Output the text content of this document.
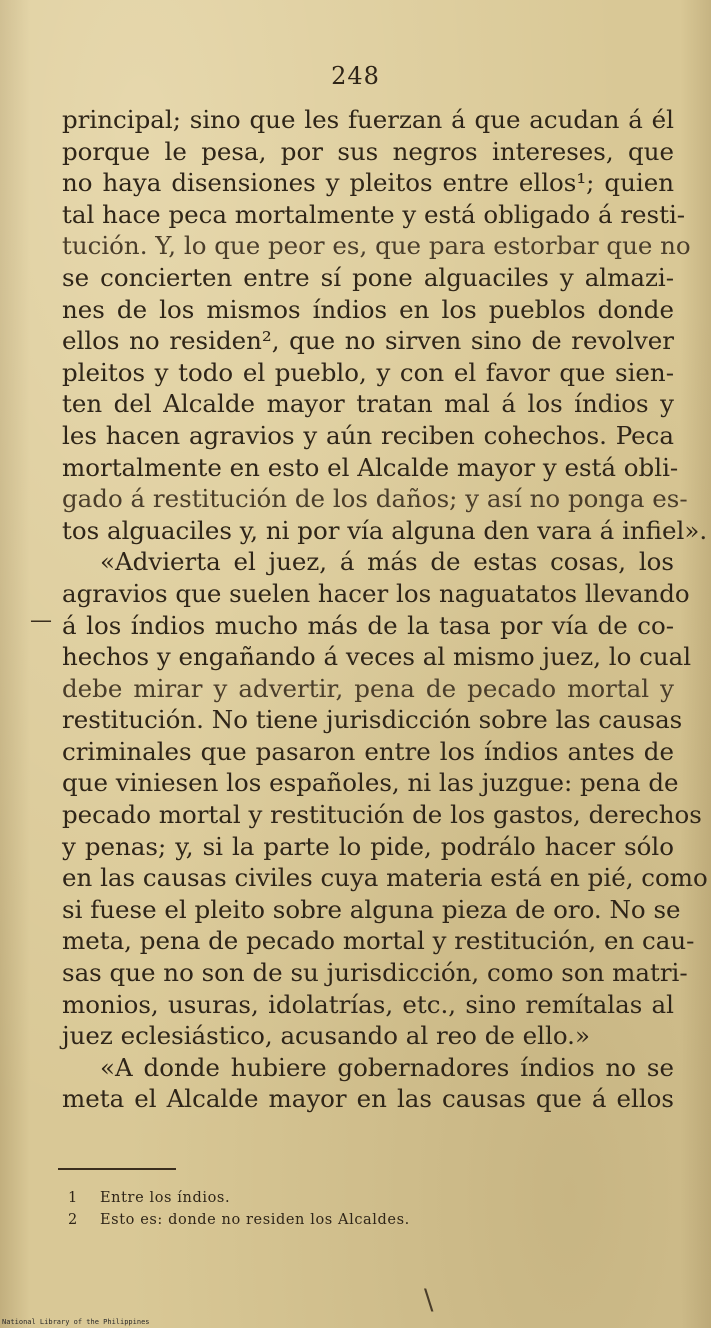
248
—
principal; sino que les fuerzan á que acudan á él
porque le pesa, por sus negros intereses, que
no haya disensiones y pleitos entre ellos¹; quien
tal hace peca mortalmente y está obligado á resti-
tución. Y, lo que peor es, que para estorbar que no
se concierten entre sí pone alguaciles y almazi-
nes de los mismos índios en los pueblos donde
ellos no residen², que no sirven sino de revolver
pleitos y todo el pueblo, y con el favor que sien-
ten del Alcalde mayor tratan mal á los índios y
les hacen agravios y aún reciben cohechos. Peca
mortalmente en esto el Alcalde mayor y está obli-
gado á restitución de los daños; y así no ponga es-
tos alguaciles y, ni por vía alguna den vara á infiel».
«Advierta el juez, á más de estas cosas, los
agravios que suelen hacer los naguatatos llevando
á los índios mucho más de la tasa por vía de co-
hechos y engañando á veces al mismo juez, lo cual
debe mirar y advertir, pena de pecado mortal y
restitución. No tiene jurisdicción sobre las causas
criminales que pasaron entre los índios antes de
que viniesen los españoles, ni las juzgue: pena de
pecado mortal y restitución de los gastos, derechos
y penas; y, si la parte lo pide, podrálo hacer sólo
en las causas civiles cuya materia está en pié, como
si fuese el pleito sobre alguna pieza de oro. No se
meta, pena de pecado mortal y restitución, en cau-
sas que no son de su jurisdicción, como son matri-
monios, usuras, idolatrías, etc., sino remítalas al
juez eclesiástico, acusando al reo de ello.»
«A donde hubiere gobernadores índios no se
meta el Alcalde mayor en las causas que á ellos
1 Entre los índios.
2 Esto es: donde no residen los Alcaldes.
\
National Library of the Philippines
